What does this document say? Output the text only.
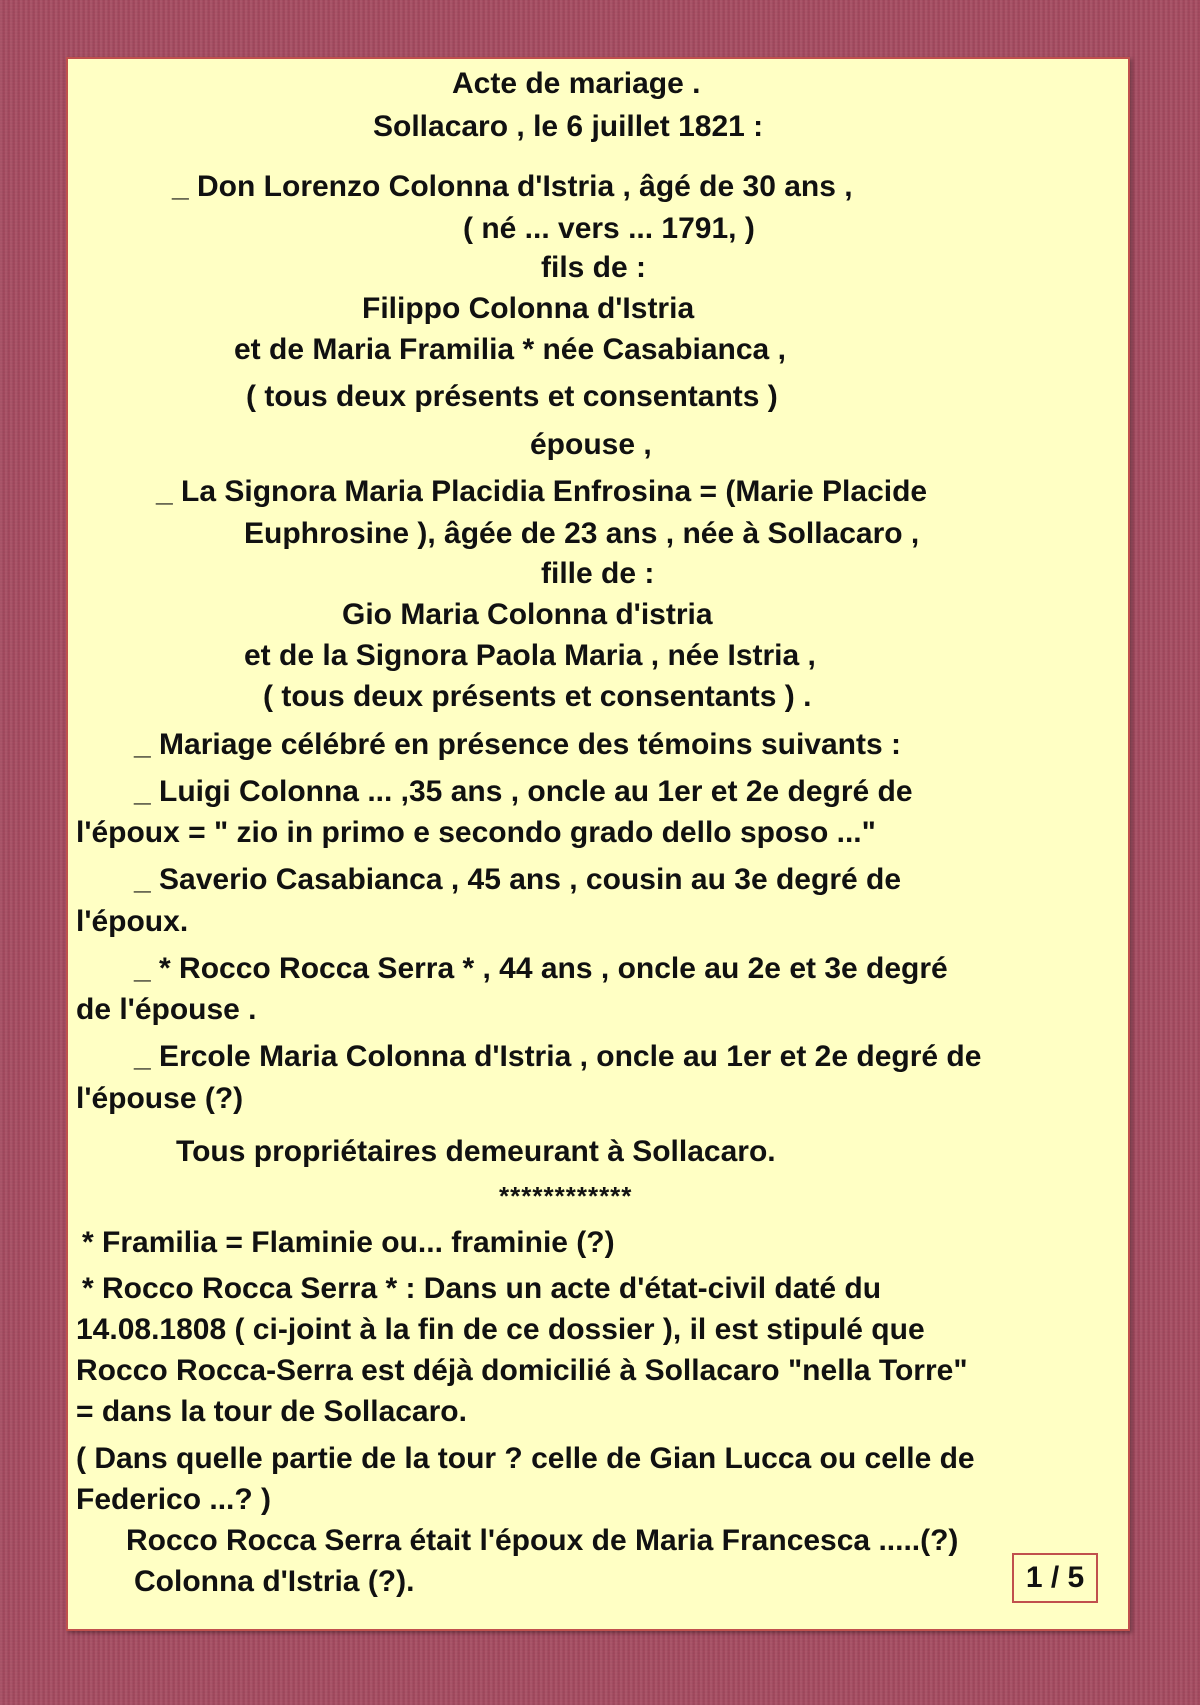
Acte de mariage .

Sollacaro , le 6 juillet 1821 :

_ Don Lorenzo Colonna d'Istria , âgé de 30 ans ,

( né ... vers ... 1791, )

fils de :

Filippo Colonna d'Istria

et de Maria Framilia * née Casabianca ,

( tous deux présents et consentants )

épouse ,

_ La Signora Maria Placidia Enfrosina = (Marie Placide

Euphrosine ), âgée de 23 ans , née à Sollacaro ,

fille de :

Gio Maria Colonna d'istria

et de la Signora Paola Maria , née Istria ,

( tous deux présents et consentants ) .

_ Mariage célébré en présence des témoins suivants :

_ Luigi Colonna ... ,35 ans , oncle au 1er et 2e degré de

l'époux = " zio in primo e secondo grado dello sposo ..."

_ Saverio Casabianca , 45 ans , cousin au 3e degré de

l'époux.

_ * Rocco Rocca Serra * , 44 ans , oncle au 2e et 3e degré

de l'épouse .

_ Ercole Maria Colonna d'Istria , oncle au 1er et 2e degré de

l'épouse (?)

Tous propriétaires demeurant à Sollacaro.

************

* Framilia = Flaminie ou... framinie (?)

* Rocco Rocca Serra * : Dans un acte d'état-civil daté du

14.08.1808 ( ci-joint à la fin de ce dossier ), il est stipulé que

Rocco Rocca-Serra est déjà domicilié à Sollacaro "nella Torre"

= dans la tour de Sollacaro.

( Dans quelle partie de la tour ? celle de Gian Lucca ou celle de

Federico ...? )

Rocco Rocca Serra était l'époux de Maria Francesca .....(?)

Colonna d'Istria (?).	1 / 5
